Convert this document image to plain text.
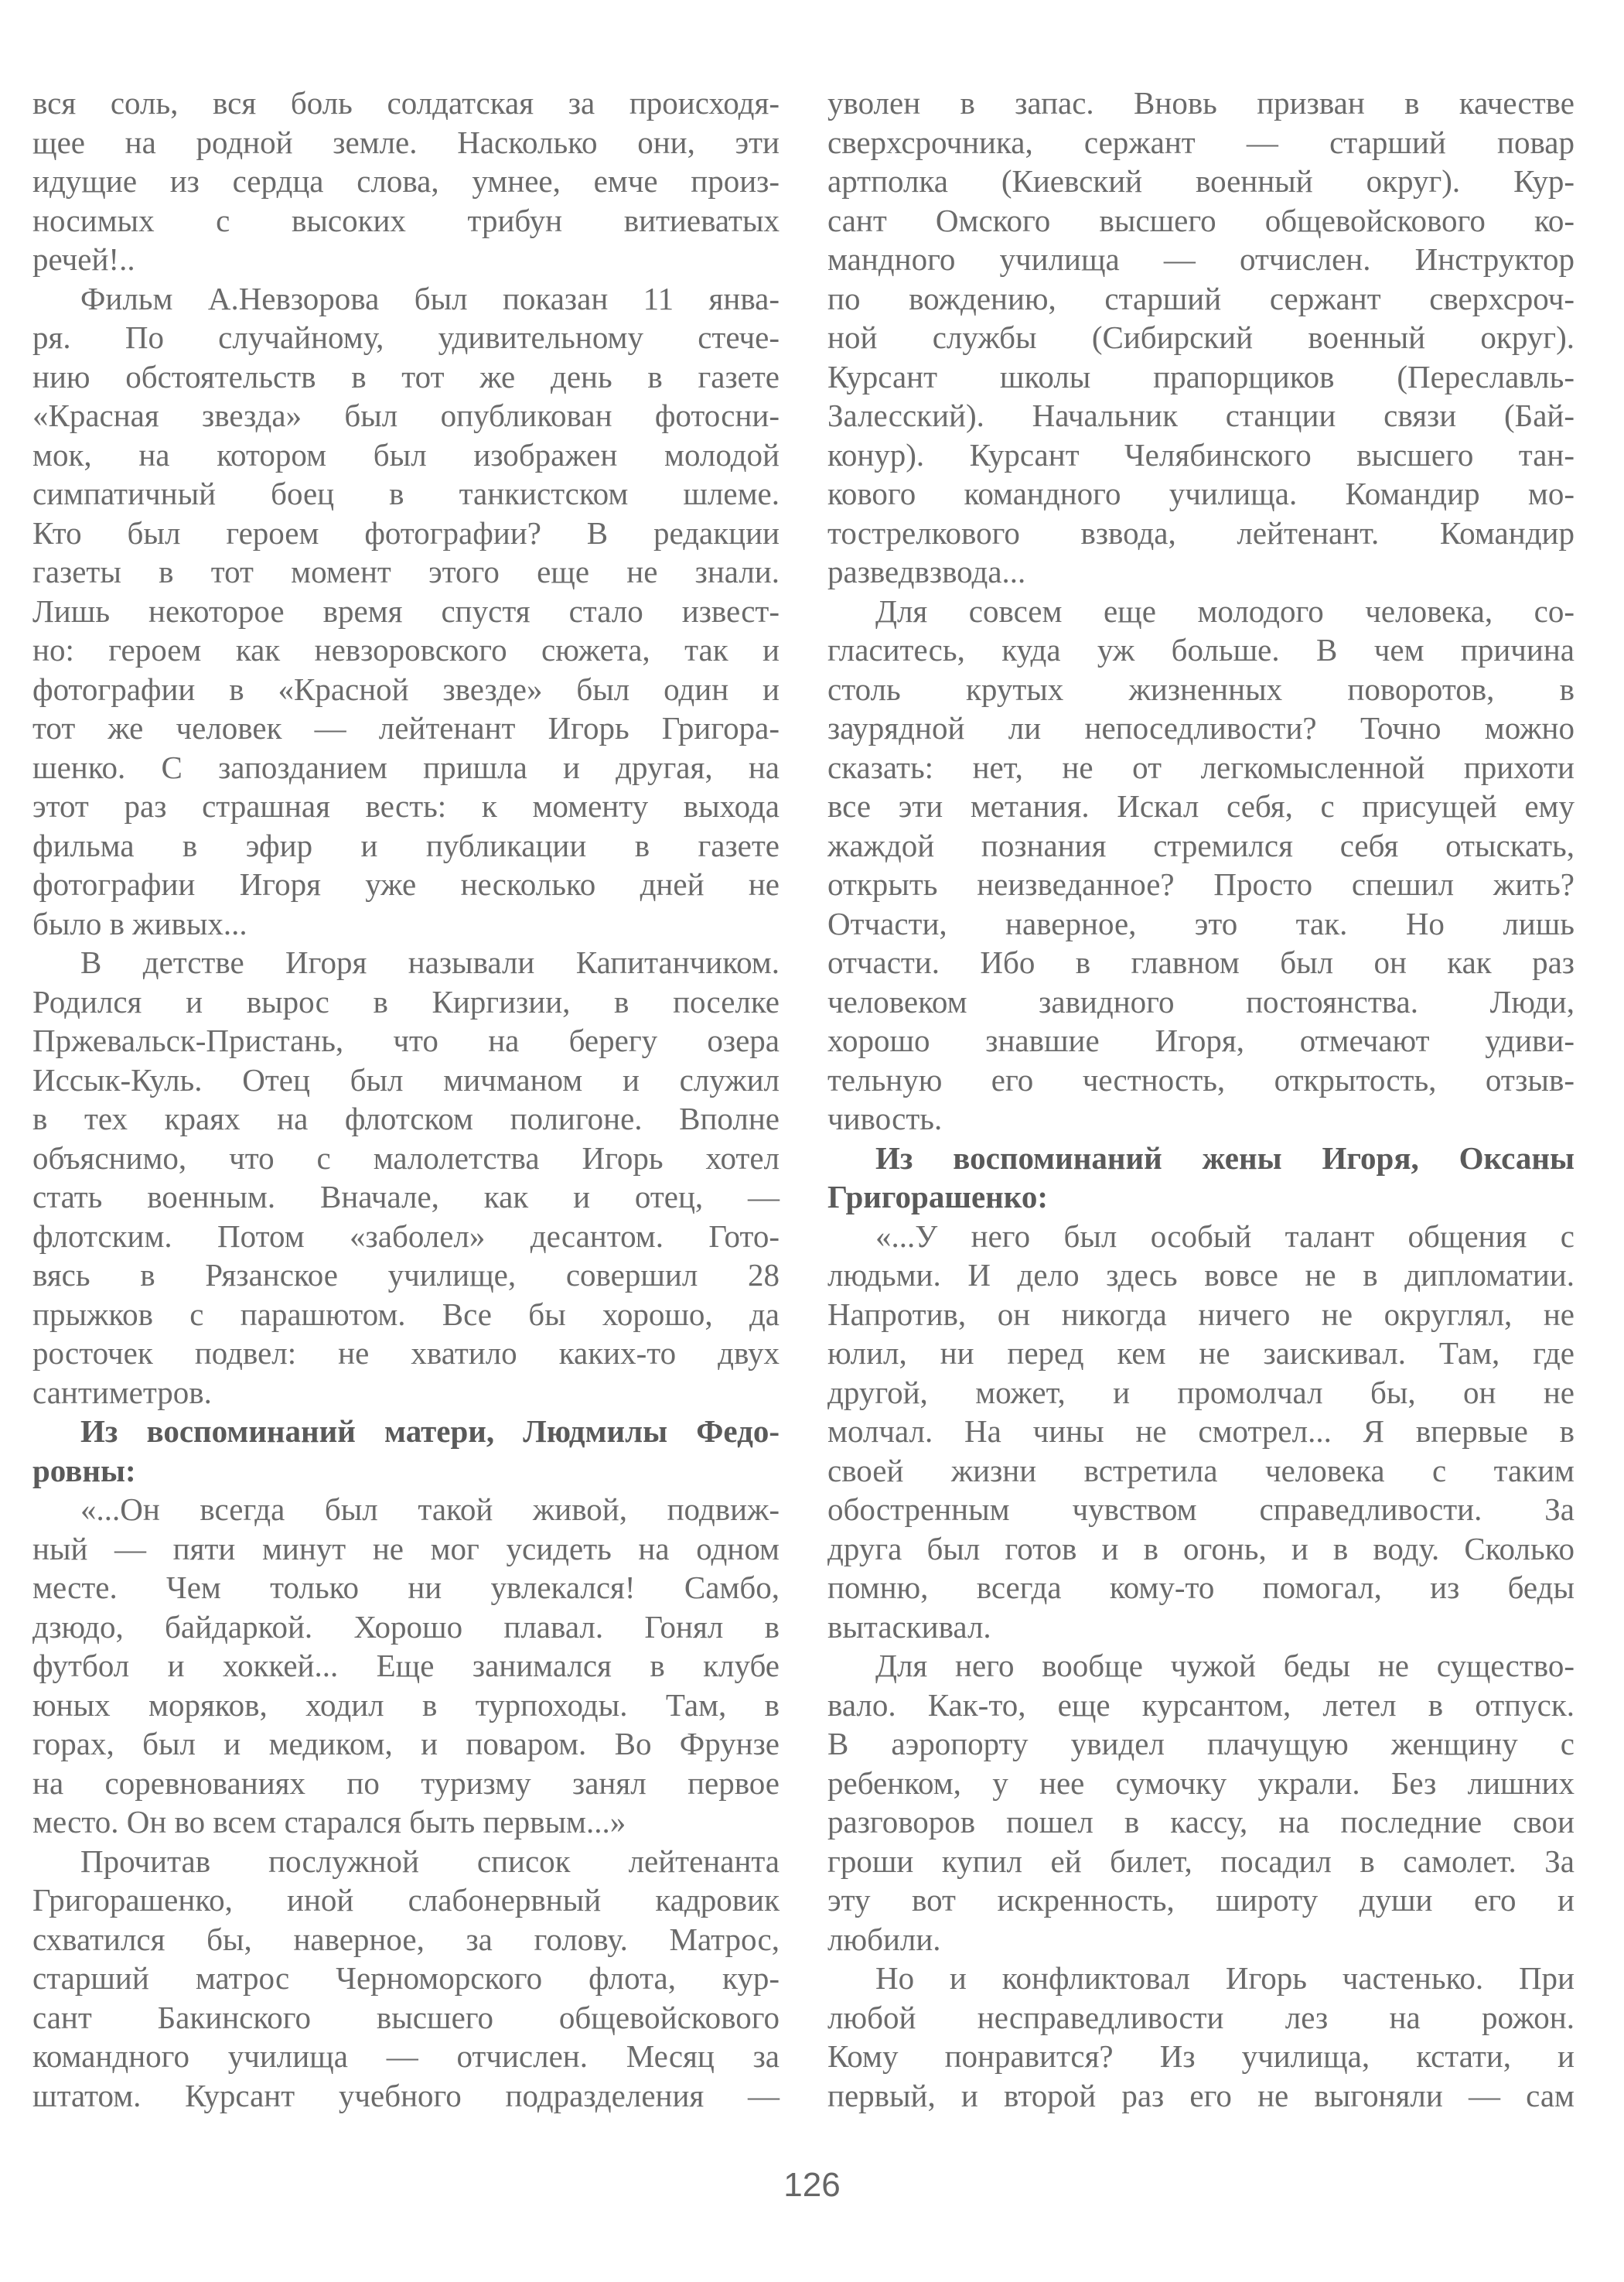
вся соль, вся боль солдатская за происходя-
щее на родной земле. Насколько они, эти
идущие из сердца слова, умнее, емче произ-
носимых с высоких трибун витиеватых
речей!..
Фильм А.Невзорова был показан 11 янва-
ря. По случайному, удивительному стече-
нию обстоятельств в тот же день в газете
«Красная звезда» был опубликован фотосни-
мок, на котором был изображен молодой
симпатичный боец в танкистском шлеме.
Кто был героем фотографии? В редакции
газеты в тот момент этого еще не знали.
Лишь некоторое время спустя стало извест-
но: героем как невзоровского сюжета, так и
фотографии в «Красной звезде» был один и
тот же человек — лейтенант Игорь Григора-
шенко. С запозданием пришла и другая, на
этот раз страшная весть: к моменту выхода
фильма в эфир и публикации в газете
фотографии Игоря уже несколько дней не
было в живых...
В детстве Игоря называли Капитанчиком.
Родился и вырос в Киргизии, в поселке
Пржевальск-Пристань, что на берегу озера
Иссык-Куль. Отец был мичманом и служил
в тех краях на флотском полигоне. Вполне
объяснимо, что с малолетства Игорь хотел
стать военным. Вначале, как и отец, —
флотским. Потом «заболел» десантом. Гото-
вясь в Рязанское училище, совершил 28
прыжков с парашютом. Все бы хорошо, да
росточек подвел: не хватило каких-то двух
сантиметров.
Из воспоминаний матери, Людмилы Федо-
ровны:
«...Он всегда был такой живой, подвиж-
ный — пяти минут не мог усидеть на одном
месте. Чем только ни увлекался! Самбо,
дзюдо, байдаркой. Хорошо плавал. Гонял в
футбол и хоккей... Еще занимался в клубе
юных моряков, ходил в турпоходы. Там, в
горах, был и медиком, и поваром. Во Фрунзе
на соревнованиях по туризму занял первое
место. Он во всем старался быть первым...»
Прочитав послужной список лейтенанта
Григорашенко, иной слабонервный кадровик
схватился бы, наверное, за голову. Матрос,
старший матрос Черноморского флота, кур-
сант Бакинского высшего общевойскового
командного училища — отчислен. Месяц за
штатом. Курсант учебного подразделения —
уволен в запас. Вновь призван в качестве
сверхсрочника, сержант — старший повар
артполка (Киевский военный округ). Кур-
сант Омского высшего общевойскового ко-
мандного училища — отчислен. Инструктор
по вождению, старший сержант сверхсроч-
ной службы (Сибирский военный округ).
Курсант школы прапорщиков (Переславль-
Залесский). Начальник станции связи (Бай-
конур). Курсант Челябинского высшего тан-
кового командного училища. Командир мо-
тострелкового взвода, лейтенант. Командир
разведвзвода...
Для совсем еще молодого человека, со-
гласитесь, куда уж больше. В чем причина
столь крутых жизненных поворотов, в
заурядной ли непоседливости? Точно можно
сказать: нет, не от легкомысленной прихоти
все эти метания. Искал себя, с присущей ему
жаждой познания стремился себя отыскать,
открыть неизведанное? Просто спешил жить?
Отчасти, наверное, это так. Но лишь
отчасти. Ибо в главном был он как раз
человеком завидного постоянства. Люди,
хорошо знавшие Игоря, отмечают удиви-
тельную его честность, открытость, отзыв-
чивость.
Из воспоминаний жены Игоря, Оксаны
Григорашенко:
«...У него был особый талант общения с
людьми. И дело здесь вовсе не в дипломатии.
Напротив, он никогда ничего не округлял, не
юлил, ни перед кем не заискивал. Там, где
другой, может, и промолчал бы, он не
молчал. На чины не смотрел... Я впервые в
своей жизни встретила человека с таким
обостренным чувством справедливости. За
друга был готов и в огонь, и в воду. Сколько
помню, всегда кому-то помогал, из беды
вытаскивал.
Для него вообще чужой беды не существо-
вало. Как-то, еще курсантом, летел в отпуск.
В аэропорту увидел плачущую женщину с
ребенком, у нее сумочку украли. Без лишних
разговоров пошел в кассу, на последние свои
гроши купил ей билет, посадил в самолет. За
эту вот искренность, широту души его и
любили.
Но и конфликтовал Игорь частенько. При
любой несправедливости лез на рожон.
Кому понравится? Из училища, кстати, и
первый, и второй раз его не выгоняли — сам
126
